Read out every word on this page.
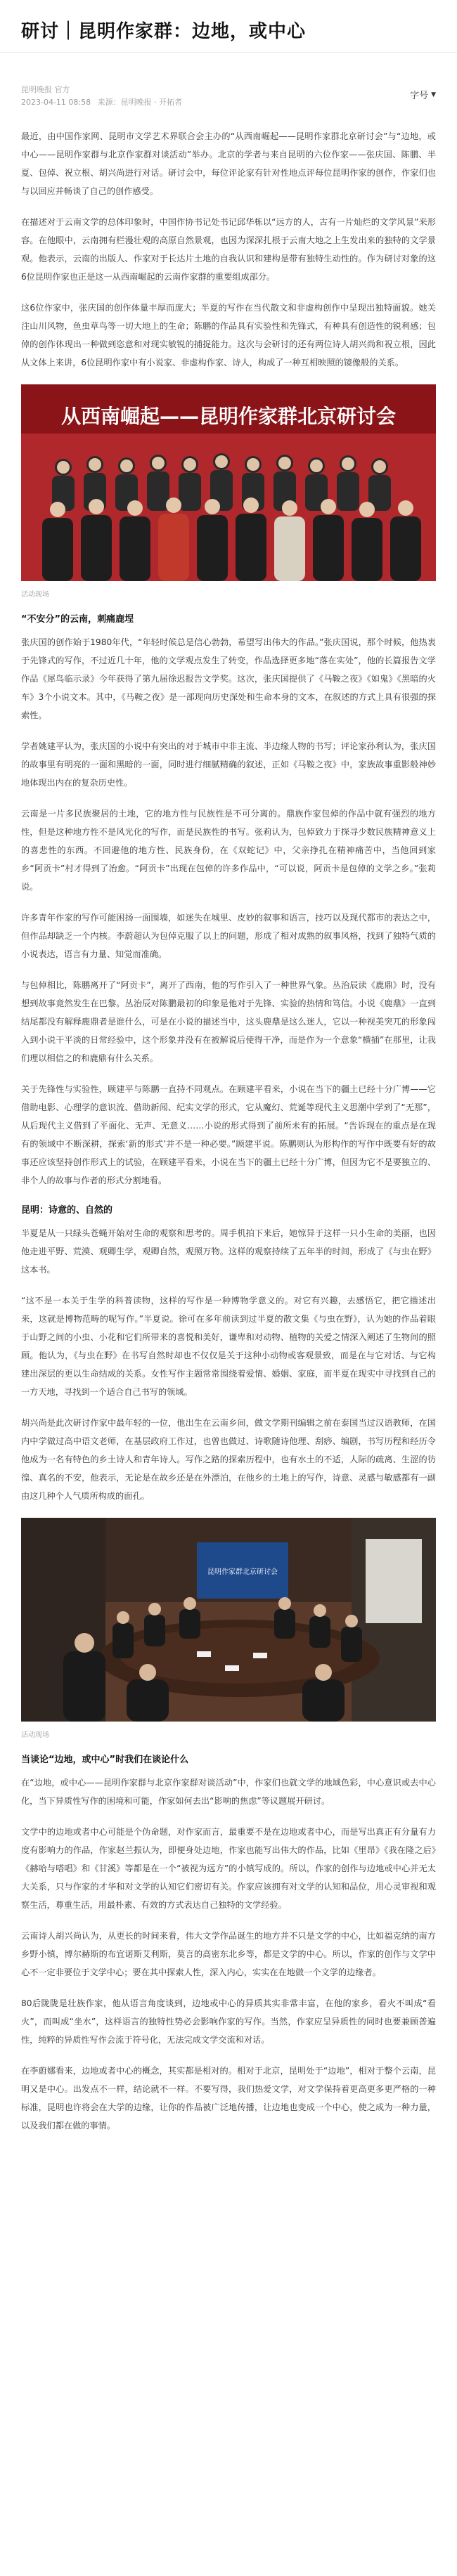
研讨｜昆明作家群：边地，或中心
昆明晚报 官方
2023-04-11 08:58 来源：昆明晚报 · 开拓者
字号 ▼

最近，由中国作家网、昆明市文学艺术界联合会主办的“从西南崛起——昆明作家群北京研讨会”与“边地，或中心——昆明作家群与北京作家群对谈活动”举办。北京的学者与来自昆明的六位作家——张庆国、陈鹏、半夏、包倬、祝立根、胡兴尚进行对话。研讨会中，每位评论家有针对性地点评每位昆明作家的创作，作家们也与以回应并畅谈了自己的创作感受。

在描述对于云南文学的总体印象时，中国作协书记处书记邱华栋以“远方的人，古有一片灿烂的文学风景”来形容。在他眼中，云南拥有栏漫壮观的高原自然景观，也因为深深扎根于云南大地之上生发出来的独特的文学景观。他表示，云南的出版人、作家对于长达片土地的自我认识和建构是带有独特生动性的。作为研讨对象的这6位昆明作家也正是这一从西南崛起的云南作家群的重要组成部分。

这6位作家中，张庆国的创作体量丰厚而庞大；半夏的写作在当代散文和非虚构创作中呈现出独特面貌。她关注山川风物，鱼虫草鸟等一切大地上的生命；陈鹏的作品具有实验性和先锋式，有种具有创造性的锐利感；包倬的创作体现出一种做到恣意和对现实敏锐的捕捉能力。这次与会研讨的还有两位诗人胡兴尚和祝立根，因此从文体上来讲，6位昆明作家中有小说家、非虚构作家、诗人，构成了一种互相映照的镜像般的关系。

从西南崛起——昆明作家群北京研讨会
活动现场
“不安分”的云南，刺痛鹿埕

张庆国的创作始于1980年代，“年轻时候总是信心勃勃，希望写出伟大的作品。”张庆国说，那个时候，他热衷于先锋式的写作，不过近几十年，他的文学观点发生了转变，作品选择更多地“落在实处”，他的长篇报告文学作品《犀鸟临示录》今年获得了第九届徐迟报告文学奖。这次，张庆国提供了《马鞍之夜》《如鬼》《黑暗的火车》3个小说文本。其中，《马鞍之夜》是一部现向历史深处和生命本身的文本，在叙述的方式上具有很强的探索性。

学者姚建平认为，张庆国的小说中有突出的对于城市中非主流、半边缘人物的书写；评论家孙利认为，张庆国的故事里有明亮的一面和黑暗的一面，同时进行细腻精确的叙述，正如《马鞍之夜》中，家族故事重影般神妙地体现出内在的复杂历史性。

云南是一片多民族聚居的土地，它的地方性与民族性是不可分离的。鼎族作家包倬的作品中就有强烈的地方性，但是这种地方性不是风光化的写作，而是民族性的书写。张莉认为，包倬致力于探寻少数民族精神意义上的喜悲性的东西。不回避他的地方性、民族身份，在《双蛇记》中，父亲挣扎在精神痛苦中，当他回到家乡“阿贡卡”村才得到了治愈。“阿贡卡”出现在包倬的许多作品中，“可以说，阿贡卡是包倬的文学之乡。”张莉说。

许多青年作家的写作可能困扬一面围墙，如迷失在城里、皮妙的叙事和语言，技巧以及现代都市的表达之中，但作品却缺乏一个内核。李蔚超认为包倬克服了以上的问题，形成了相对成熟的叙事风格，找到了独特气质的小说表达，语言有力量、知觉而准确。

与包倬相比，陈鹏离开了“阿贡卡”，离开了西南，他的写作引入了一种世界气象。丛治辰读《鹿鼎》时，没有想到故事竟然发生在巴黎。丛治辰对陈鹏最初的印象是他对于先锋、实验的热情和笃信。小说《鹿鼎》一直到结尾都没有解释鹿鼎者是谁什么，可是在小说的描述当中，这头鹿鼎是这么迷人，它以一种视美突兀的形象闯入到小说干平淡的日常经验中，这个形象并没有在被解说后使得干净，而是作为一个意象“横插”在那里，让我们理以相信之的和鹿鼎有什么关系。

关于先锋性与实验性，顾建平与陈鹏一直持不同观点。在顾建平看来，小说在当下的疆土已经十分广博——它借助电影、心理学的意识流、借助新闻、纪实文学的形式，它从魔幻、荒诞等现代主义思潮中学到了“无那”，从后现代主义借到了平面化、无声、无意义……小说的形式得到了前所未有的拓展。“告诉现在的重点是在现有的领域中不断深耕，探索‘新的形式’并不是一种必要。”顾建平说。陈鹏则认为形构作的写作中既要有好的故事还应该坚持创作形式上的试验，在顾建平看来，小说在当下的疆土已经十分广博，但因为它不是要独立的、非个人的故事与作者的形式分割地看。

昆明：诗意的、自然的

半夏是从一只绿头苍蝇开始对生命的观察和思考的。周手机拍下来后，她惊异于这样一只小生命的美丽，也因他走进平野、荒漠、观卿生学，观卿自然，观照万物。这样的观察持续了五年半的时间，形成了《与虫在野》这本书。

“这不是一本关于生学的科普读物，这样的写作是一种博物学意义的。对它有兴趣，去感悟它，把它描述出来，这就是博物范畴的呢写作。”半夏说。徐可在多年前读到过半夏的散文集《与虫在野》，认为她的作品着眼于山野之间的小虫、小花和它们所带来的喜悦和美好，谦卑和对动物、植物的关爱之情深入阐述了生物间的照顾。他认为，《与虫在野》在书写自然时却也不仅仅是关于这种小动物或客观景致，而是在与它对话、与它构建出深层的更以生命结成的关系。女性写作主题常常围绕着爱情、婚姻、家庭，而半夏在现实中寻找到自己的一方天地，寻找到一个适合自己书写的领域。

胡兴尚是此次研讨作家中最年轻的一位，他出生在云南乡间，做文学期刊编辑之前在泰国当过汉语教师，在国内中学做过高中语文老师，在基层政府工作过，也曾也做过、诗歌随诗他理、刮痧、编剧，书写历程和经历令他成为一名有特色的乡土诗人和青年诗人。写作之路的探索历程中，也有水土的不适，人际的疏离、生涩的彷徨、真名的不安，他表示，无论是在故乡还是在外漂泊，在他乡的土地上的写作，诗意、灵感与敏感都有一副由这几种个人气质所构成的面孔。

昆明作家群北京研讨会
活动现场
当谈论“边地，或中心”时我们在谈论什么

在“边地，或中心——昆明作家群与北京作家群对谈活动”中，作家们也就文学的地域色彩，中心意识或去中心化，当下异质性写作的困境和可能，作家如何去出“影响的焦虑”等议题展开研讨。

文学中的边地或者中心可能是个伪命题，对作家而言，最重要不是在边地或者中心，而是写出真正有分量有力度有影响力的作品，作家赵兰振认为，即便身处边地，作家也能写出伟大的作品，比如《里昂》《我在隆之后》《赫哈与嗒唱》和《甘溪》等都是在一个“被视为远方”的小镇写成的。所以，作家的创作与边地或中心并无太大关系，只与作家的才华和对文学的认知它们密切有关。作家应该拥有对文学的认知和品位，用心灵审视和观察生活，尊重生活，用最朴素、有效的方式表达自己独特的文学经验。

云南诗人胡兴尚认为，从更长的时间来看，伟大文学作品诞生的地方并不只是文学的中心，比如福克纳的南方乡野小镇，博尔赫斯的布宜诺斯艾利斯，莫言的高密东北乡等，都是文学的中心。所以，作家的创作与文学中心不一定非要位于文学中心；要在其中探索人性，深入内心，实实在在地做一个文学的边缘者。

80后陇陇是壮族作家，他从语言角度谈到，边地或中心的异质其实非常丰富，在他的家乡，看火不叫成“看火”，而叫成“坐水”，这样语言的独特性势必会影响作家的写作。当然，作家应呈异质性的同时也要兼顾普遍性，纯粹的异质性写作会流于符号化，无法完成文学交流和对话。

在李蔚娜看来，边地或者中心的概念，其实都是相对的。相对于北京，昆明处于“边地”，相对于整个云南，昆明又是中心。出发点不一样，结论就不一样。不要写得，我们热爱文学，对文学保持着更高更多更严格的一种标准，昆明也许将会在大学的边缘，让你的作品被广泛地传播，让边地也变成一个中心，使之成为一种力量，以及我们都在做的事情。
